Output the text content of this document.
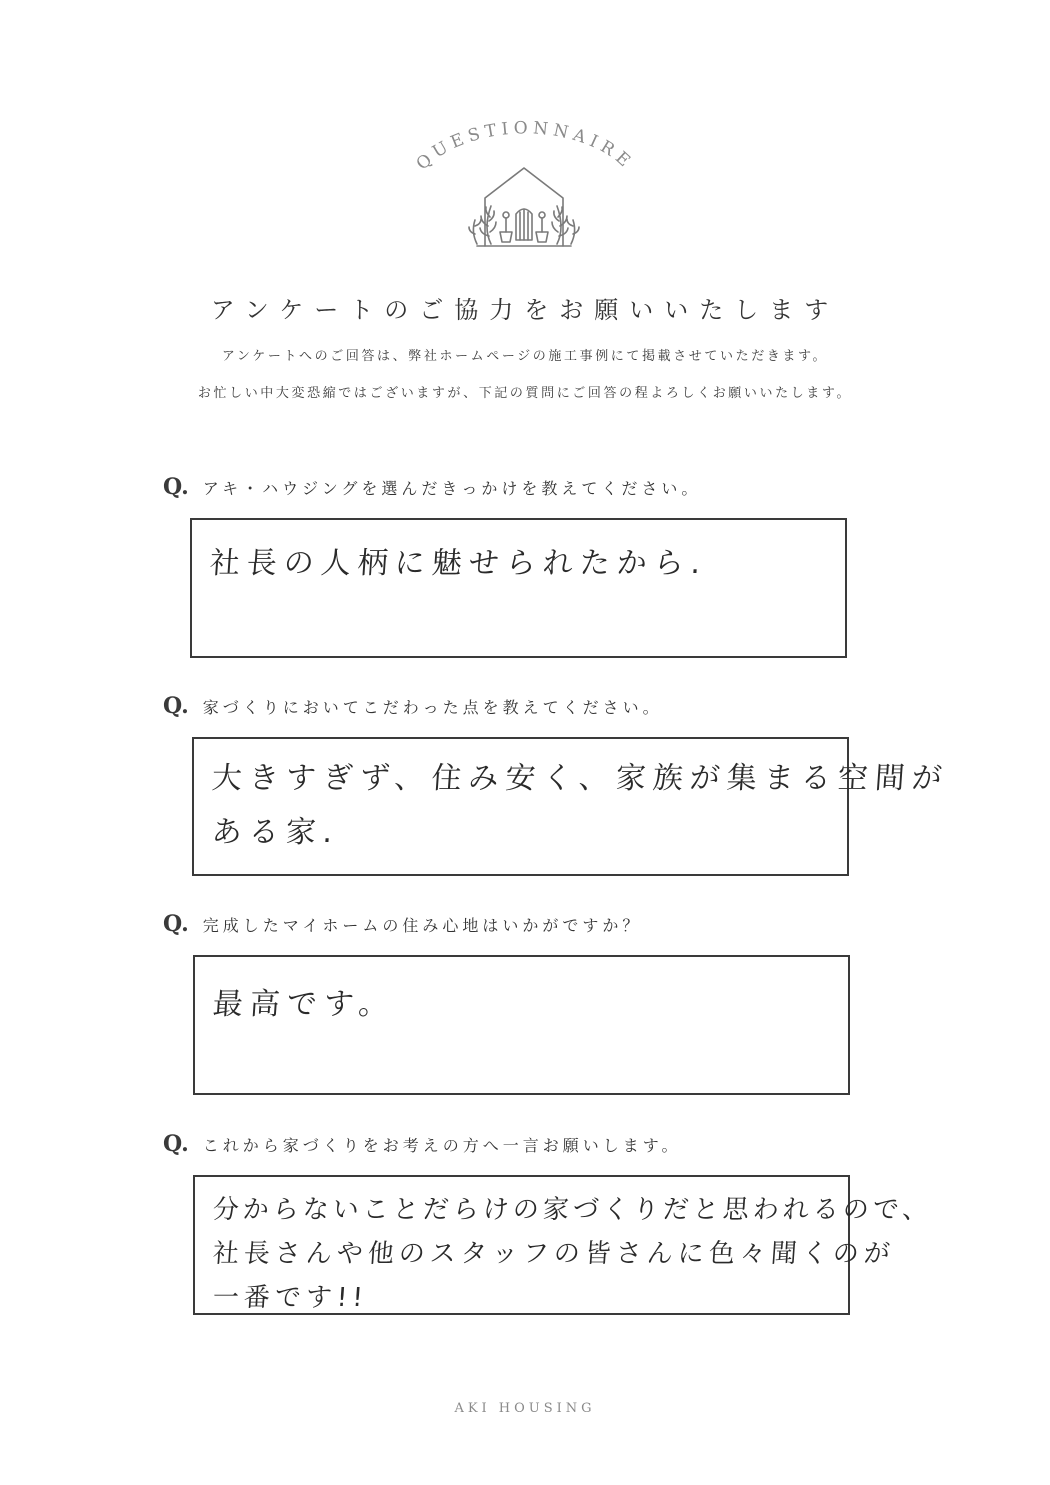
QUESTIONNAIRE
アンケートのご協力をお願いいたします

アンケートへのご回答は、弊社ホームページの施工事例にて掲載させていただきます。

お忙しい中大変恐縮ではございますが、下記の質問にご回答の程よろしくお願いいたします。

Q. アキ・ハウジングを選んだきっかけを教えてください。
社長の人柄に魅せられたから.
Q. 家づくりにおいてこだわった点を教えてください。
大きすぎず、住み安く、家族が集まる空間が
ある家.
Q. 完成したマイホームの住み心地はいかがですか？
最高です。
Q. これから家づくりをお考えの方へ一言お願いします。
分からないことだらけの家づくりだと思われるので、
社長さんや他のスタッフの皆さんに色々聞くのが
一番です!!

AKI HOUSING
